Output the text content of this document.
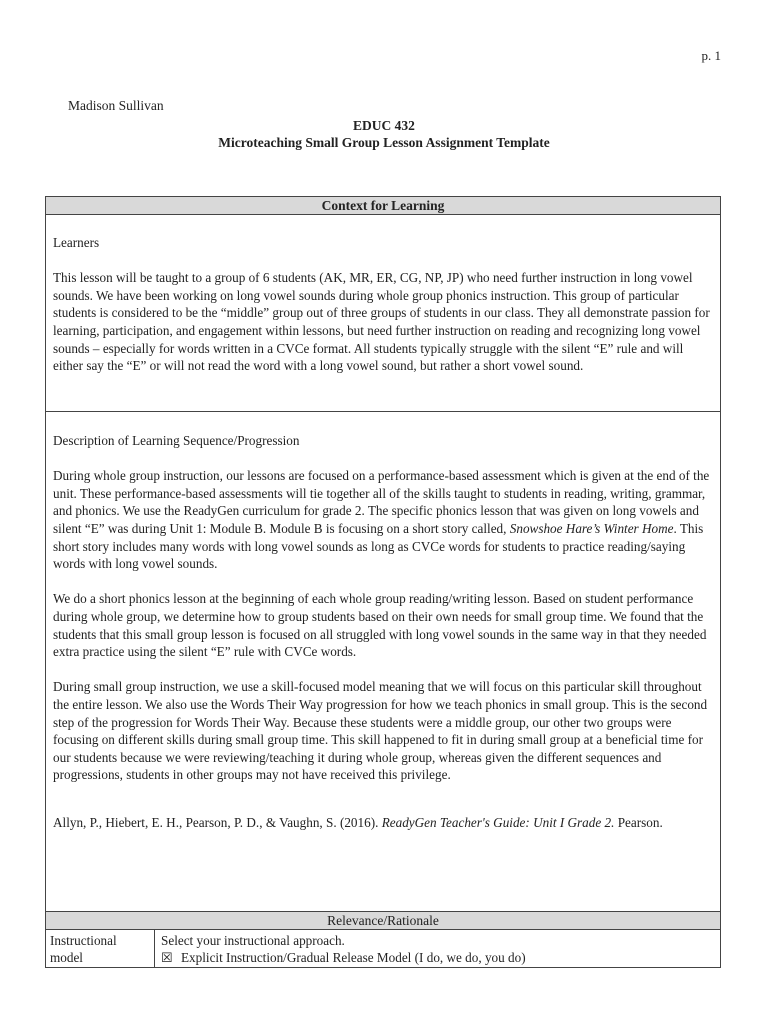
p. 1
Madison Sullivan
EDUC 432
Microteaching Small Group Lesson Assignment Template
Context for Learning

Learners

This lesson will be taught to a group of 6 students (AK, MR, ER, CG, NP, JP) who need further instruction in long vowel sounds. We have been working on long vowel sounds during whole group phonics instruction. This group of particular students is considered to be the “middle” group out of three groups of students in our class. They all demonstrate passion for learning, participation, and engagement within lessons, but need further instruction on reading and recognizing long vowel sounds – especially for words written in a CVCe format. All students typically struggle with the silent “E” rule and will either say the “E” or will not read the word with a long vowel sound, but rather a short vowel sound.

Description of Learning Sequence/Progression

During whole group instruction, our lessons are focused on a performance-based assessment which is given at the end of the unit. These performance-based assessments will tie together all of the skills taught to students in reading, writing, grammar, and phonics. We use the ReadyGen curriculum for grade 2. The specific phonics lesson that was given on long vowels and silent “E” was during Unit 1: Module B. Module B is focusing on a short story called, Snowshoe Hare’s Winter Home. This short story includes many words with long vowel sounds as long as CVCe words for students to practice reading/saying words with long vowel sounds.

We do a short phonics lesson at the beginning of each whole group reading/writing lesson. Based on student performance during whole group, we determine how to group students based on their own needs for small group time. We found that the students that this small group lesson is focused on all struggled with long vowel sounds in the same way in that they needed extra practice using the silent “E” rule with CVCe words.

During small group instruction, we use a skill-focused model meaning that we will focus on this particular skill throughout the entire lesson. We also use the Words Their Way progression for how we teach phonics in small group. This is the second step of the progression for Words Their Way. Because these students were a middle group, our other two groups were focusing on different skills during small group time. This skill happened to fit in during small group at a beneficial time for our students because we were reviewing/teaching it during whole group, whereas given the different sequences and progressions, students in other groups may not have received this privilege.

Allyn, P., Hiebert, E. H., Pearson, P. D., & Vaughn, S. (2016). ReadyGen Teacher's Guide: Unit I Grade 2. Pearson.

Relevance/Rationale
Instructional model
Select your instructional approach.
☒ Explicit Instruction/Gradual Release Model (I do, we do, you do)
